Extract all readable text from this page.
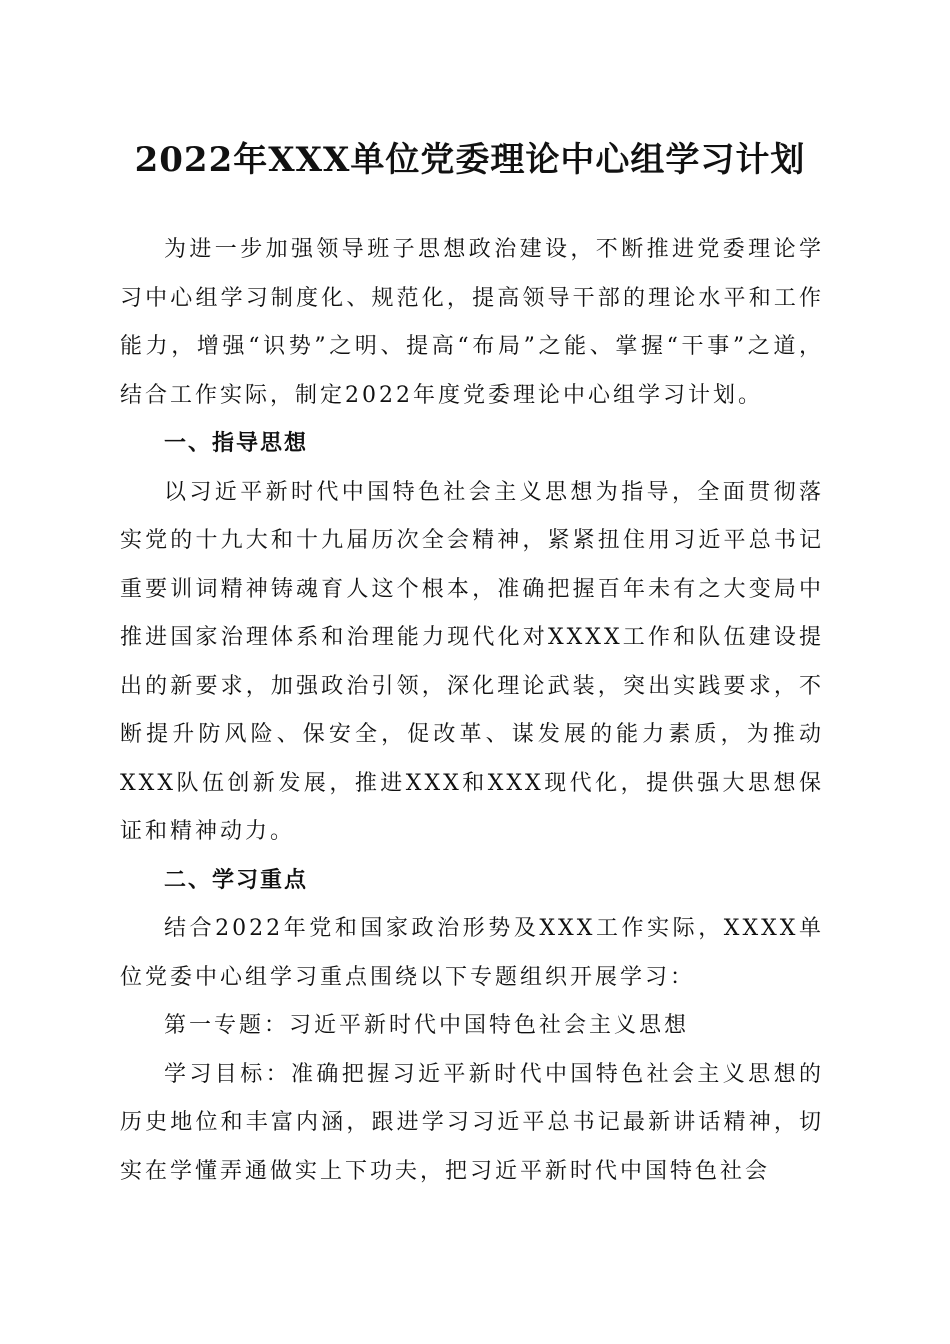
2022年XXX单位党委理论中心组学习计划

为进一步加强领导班子思想政治建设，不断推进党委理论学习中心组学习制度化、规范化，提高领导干部的理论水平和工作能力，增强“识势”之明、提高“布局”之能、掌握“干事”之道，结合工作实际，制定2022年度党委理论中心组学习计划。

一、指导思想

以习近平新时代中国特色社会主义思想为指导，全面贯彻落实党的十九大和十九届历次全会精神，紧紧扭住用习近平总书记重要训词精神铸魂育人这个根本，准确把握百年未有之大变局中推进国家治理体系和治理能力现代化对XXXX工作和队伍建设提出的新要求，加强政治引领，深化理论武装，突出实践要求，不断提升防风险、保安全，促改革、谋发展的能力素质，为推动XXX队伍创新发展，推进XXX和XXX现代化，提供强大思想保证和精神动力。

二、学习重点

结合2022年党和国家政治形势及XXX工作实际，XXXX单位党委中心组学习重点围绕以下专题组织开展学习：

第一专题：习近平新时代中国特色社会主义思想

学习目标：准确把握习近平新时代中国特色社会主义思想的历史地位和丰富内涵，跟进学习习近平总书记最新讲话精神，切实在学懂弄通做实上下功夫，把习近平新时代中国特色社会
